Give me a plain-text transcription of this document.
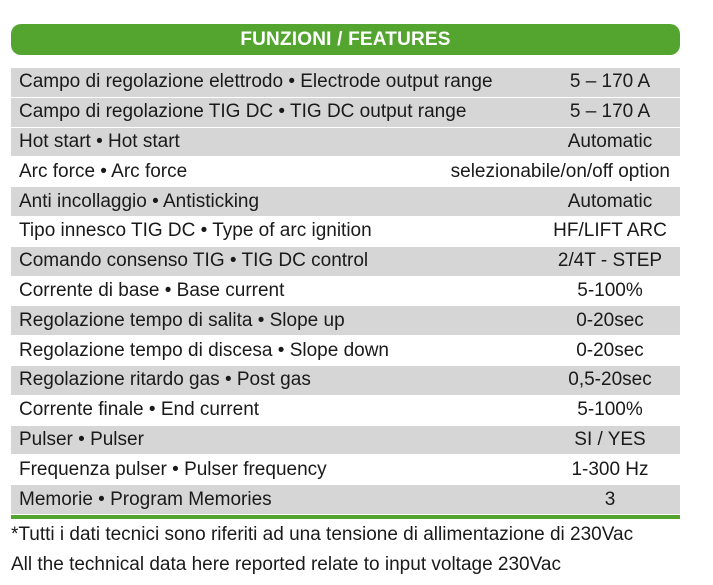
FUNZIONI / FEATURES
Campo di regolazione elettrodo • Electrode output range	5 – 170 A
Campo di regolazione TIG DC • TIG DC output range	5 – 170 A
Hot start • Hot start	Automatic
Arc force • Arc force	selezionabile/on/off option
Anti incollaggio • Antisticking	Automatic
Tipo innesco TIG DC • Type of arc ignition	HF/LIFT ARC
Comando consenso TIG • TIG DC control	2/4T - STEP
Corrente di base • Base current	5-100%
Regolazione tempo di salita • Slope up	0-20sec
Regolazione tempo di discesa • Slope down	0-20sec
Regolazione ritardo gas • Post gas	0,5-20sec
Corrente finale • End current	5-100%
Pulser • Pulser	SI / YES
Frequenza pulser • Pulser frequency	1-300 Hz
Memorie • Program Memories	3
*Tutti i dati tecnici sono riferiti ad una tensione di allimentazione di 230Vac
All the technical data here reported relate to input voltage 230Vac
